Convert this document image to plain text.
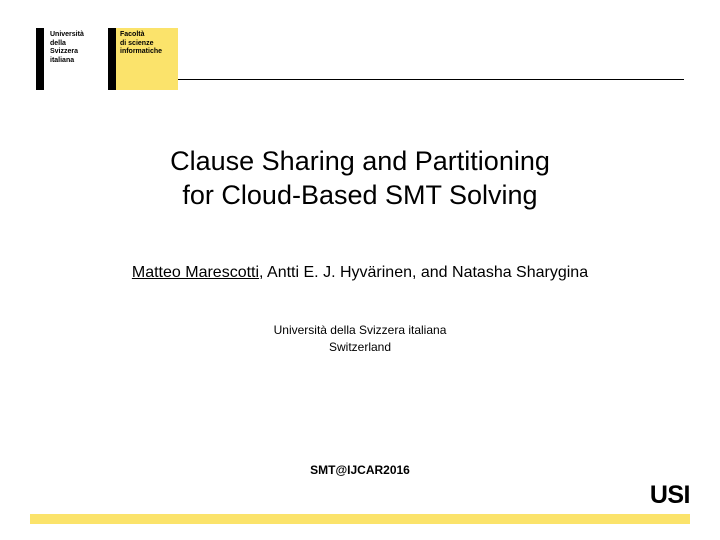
Università
della
Svizzera
italiana
Facoltà
di scienze
informatiche
Clause Sharing and Partitioning
for Cloud-Based SMT Solving
Matteo Marescotti, Antti E. J. Hyvärinen, and Natasha Sharygina
Università della Svizzera italiana
Switzerland
SMT@IJCAR2016
USI
